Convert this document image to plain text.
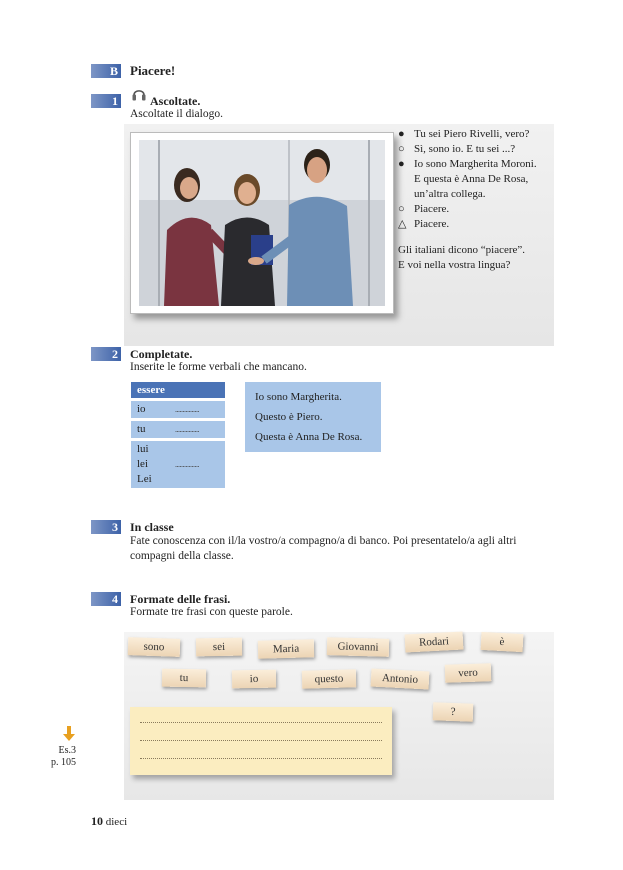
B Piacere!
1	Ascoltate.
Ascoltate il dialogo.
● Tu sei Piero Rivelli, vero?
○ Sì, sono io. E tu sei ...?
● Io sono Margherita Moroni.
E questa è Anna De Rosa,
un’altra collega.
○ Piacere.
△ Piacere.
Gli italiani dicono “piacere”.
E voi nella vostra lingua?
2 Completate.
Inserite le forme verbali che mancano.
essere
io	................
tu	................
lui
lei
Lei
................
Io sono Margherita.
Questo è Piero.
Questa è Anna De Rosa.
3 In classe
Fate conoscenza con il/la vostro/a compagno/a di banco. Poi presentatelo/a agli altri
compagni della classe.
4 Formate delle frasi.
Formate tre frasi con queste parole.
sono	sei	Maria	Giovanni	Rodari	è
tu	io	questo	Antonio	vero
?
Es.3
p. 105
10 dieci
